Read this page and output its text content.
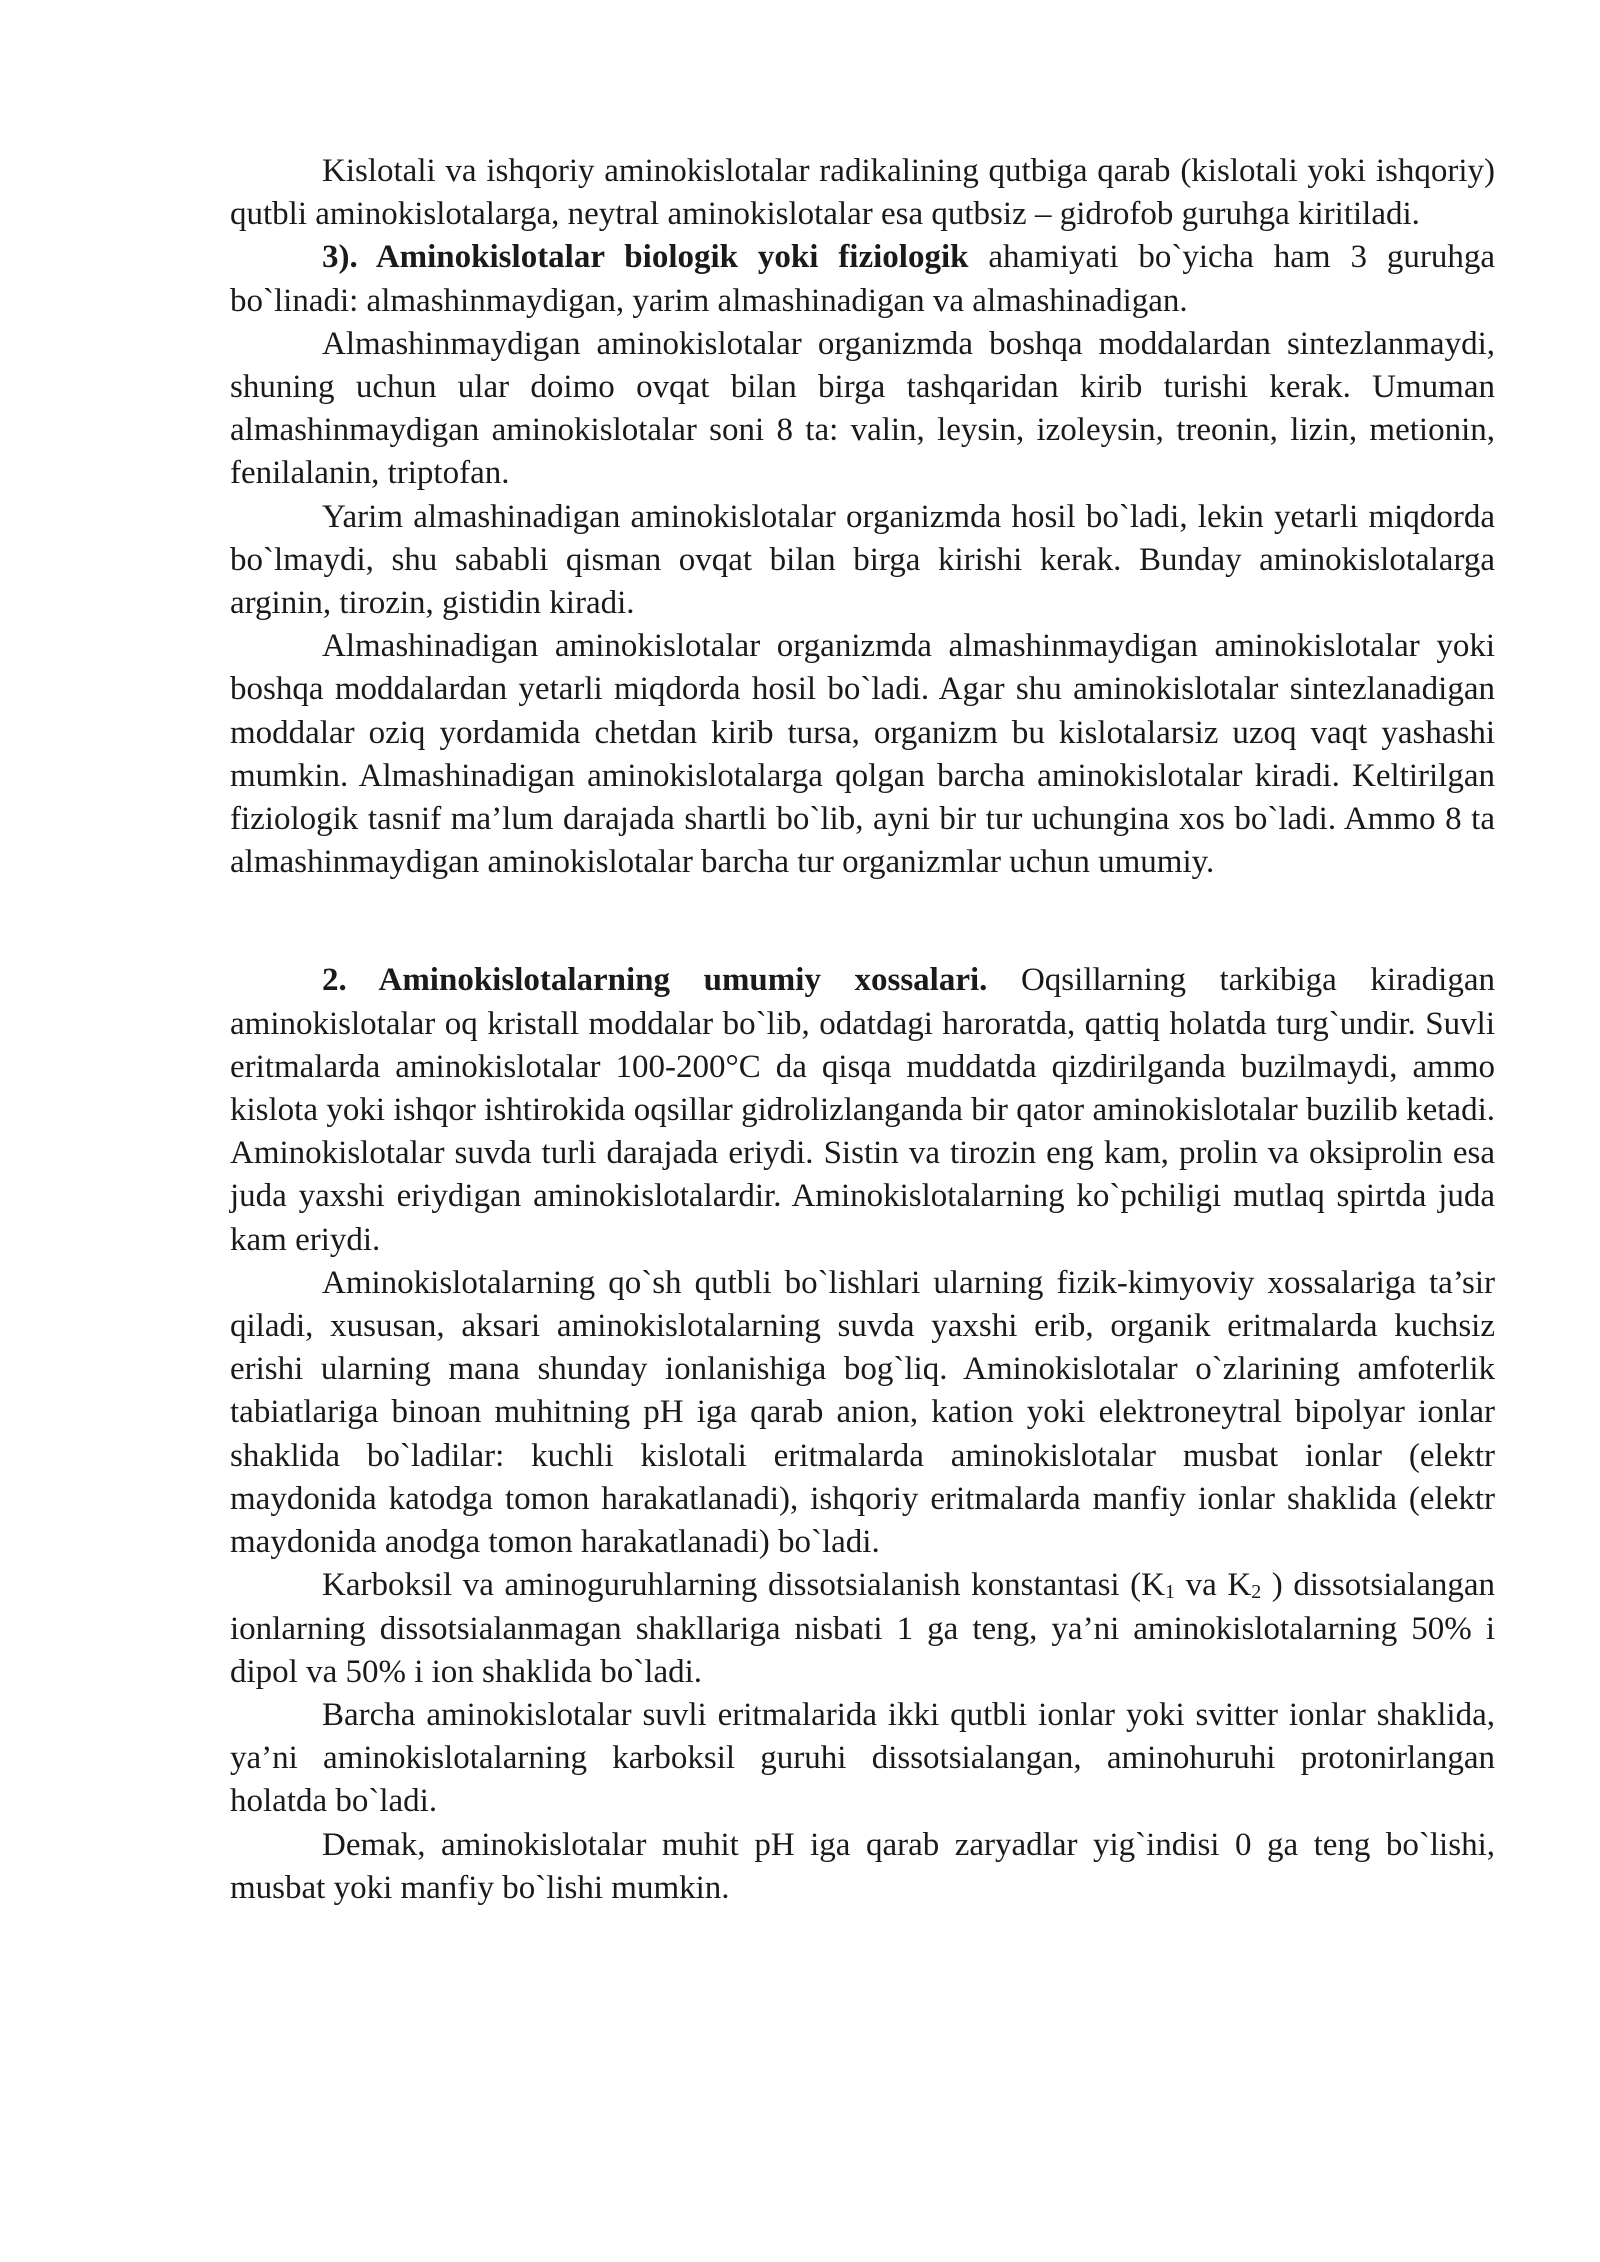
Kislotali va ishqoriy aminokislotalar radikalining qutbiga qarab (kislotali yoki ishqoriy) qutbli aminokislotalarga, neytral aminokislotalar esa qutbsiz – gidrofob guruhga kiritiladi.

3). Aminokislotalar biologik yoki fiziologik ahamiyati bo`yicha ham 3 guruhga bo`linadi: almashinmaydigan, yarim almashinadigan va almashinadigan.

Almashinmaydigan aminokislotalar organizmda boshqa moddalardan sintezlanmaydi, shuning uchun ular doimo ovqat bilan birga tashqaridan kirib turishi kerak. Umuman almashinmaydigan aminokislotalar soni 8 ta: valin, leysin, izoleysin, treonin, lizin, metionin, fenilalanin, triptofan.

Yarim almashinadigan aminokislotalar organizmda hosil bo`ladi, lekin yetarli miqdorda bo`lmaydi, shu sababli qisman ovqat bilan birga kirishi kerak. Bunday aminokislotalarga arginin, tirozin, gistidin kiradi.

Almashinadigan aminokislotalar organizmda almashinmaydigan aminokislotalar yoki boshqa moddalardan yetarli miqdorda hosil bo`ladi. Agar shu aminokislotalar sintezlanadigan moddalar oziq yordamida chetdan kirib tursa, organizm bu kislotalarsiz uzoq vaqt yashashi mumkin. Almashinadigan aminokislotalarga qolgan barcha aminokislotalar kiradi. Keltirilgan fiziologik tasnif ma’lum darajada shartli bo`lib, ayni bir tur uchungina xos bo`ladi. Ammo 8 ta almashinmaydigan aminokislotalar barcha tur organizmlar uchun umumiy.

2. Aminokislotalarning umumiy xossalari. Oqsillarning tarkibiga kiradigan aminokislotalar oq kristall moddalar bo`lib, odatdagi haroratda, qattiq holatda turg`undir. Suvli eritmalarda aminokislotalar 100-200°C da qisqa muddatda qizdirilganda buzilmaydi, ammo kislota yoki ishqor ishtirokida oqsillar gidrolizlanganda bir qator aminokislotalar buzilib ketadi. Aminokislotalar suvda turli darajada eriydi. Sistin va tirozin eng kam, prolin va oksiprolin esa juda yaxshi eriydigan aminokislotalardir. Aminokislotalarning ko`pchiligi mutlaq spirtda juda kam eriydi.

Aminokislotalarning qo`sh qutbli bo`lishlari ularning fizik-kimyoviy xossalariga ta’sir qiladi, xususan, aksari aminokislotalarning suvda yaxshi erib, organik eritmalarda kuchsiz erishi ularning mana shunday ionlanishiga bog`liq. Aminokislotalar o`zlarining amfoterlik tabiatlariga binoan muhitning pH iga qarab anion, kation yoki elektroneytral bipolyar ionlar shaklida bo`ladilar: kuchli kislotali eritmalarda aminokislotalar musbat ionlar (elektr maydonida katodga tomon harakatlanadi), ishqoriy eritmalarda manfiy ionlar shaklida (elektr maydonida anodga tomon harakatlanadi) bo`ladi.

Karboksil va aminoguruhlarning dissotsialanish konstantasi ($K_1$ va $K_2$ ) dissotsialangan ionlarning dissotsialanmagan shakllariga nisbati 1 ga teng, ya’ni aminokislotalarning 50% i dipol va 50% i ion shaklida bo`ladi.

Barcha aminokislotalar suvli eritmalarida ikki qutbli ionlar yoki svitter ionlar shaklida, ya’ni aminokislotalarning karboksil guruhi dissotsialangan, aminohuruhi protonirlangan holatda bo`ladi.

Demak, aminokislotalar muhit pH iga qarab zaryadlar yig`indisi 0 ga teng bo`lishi, musbat yoki manfiy bo`lishi mumkin.
